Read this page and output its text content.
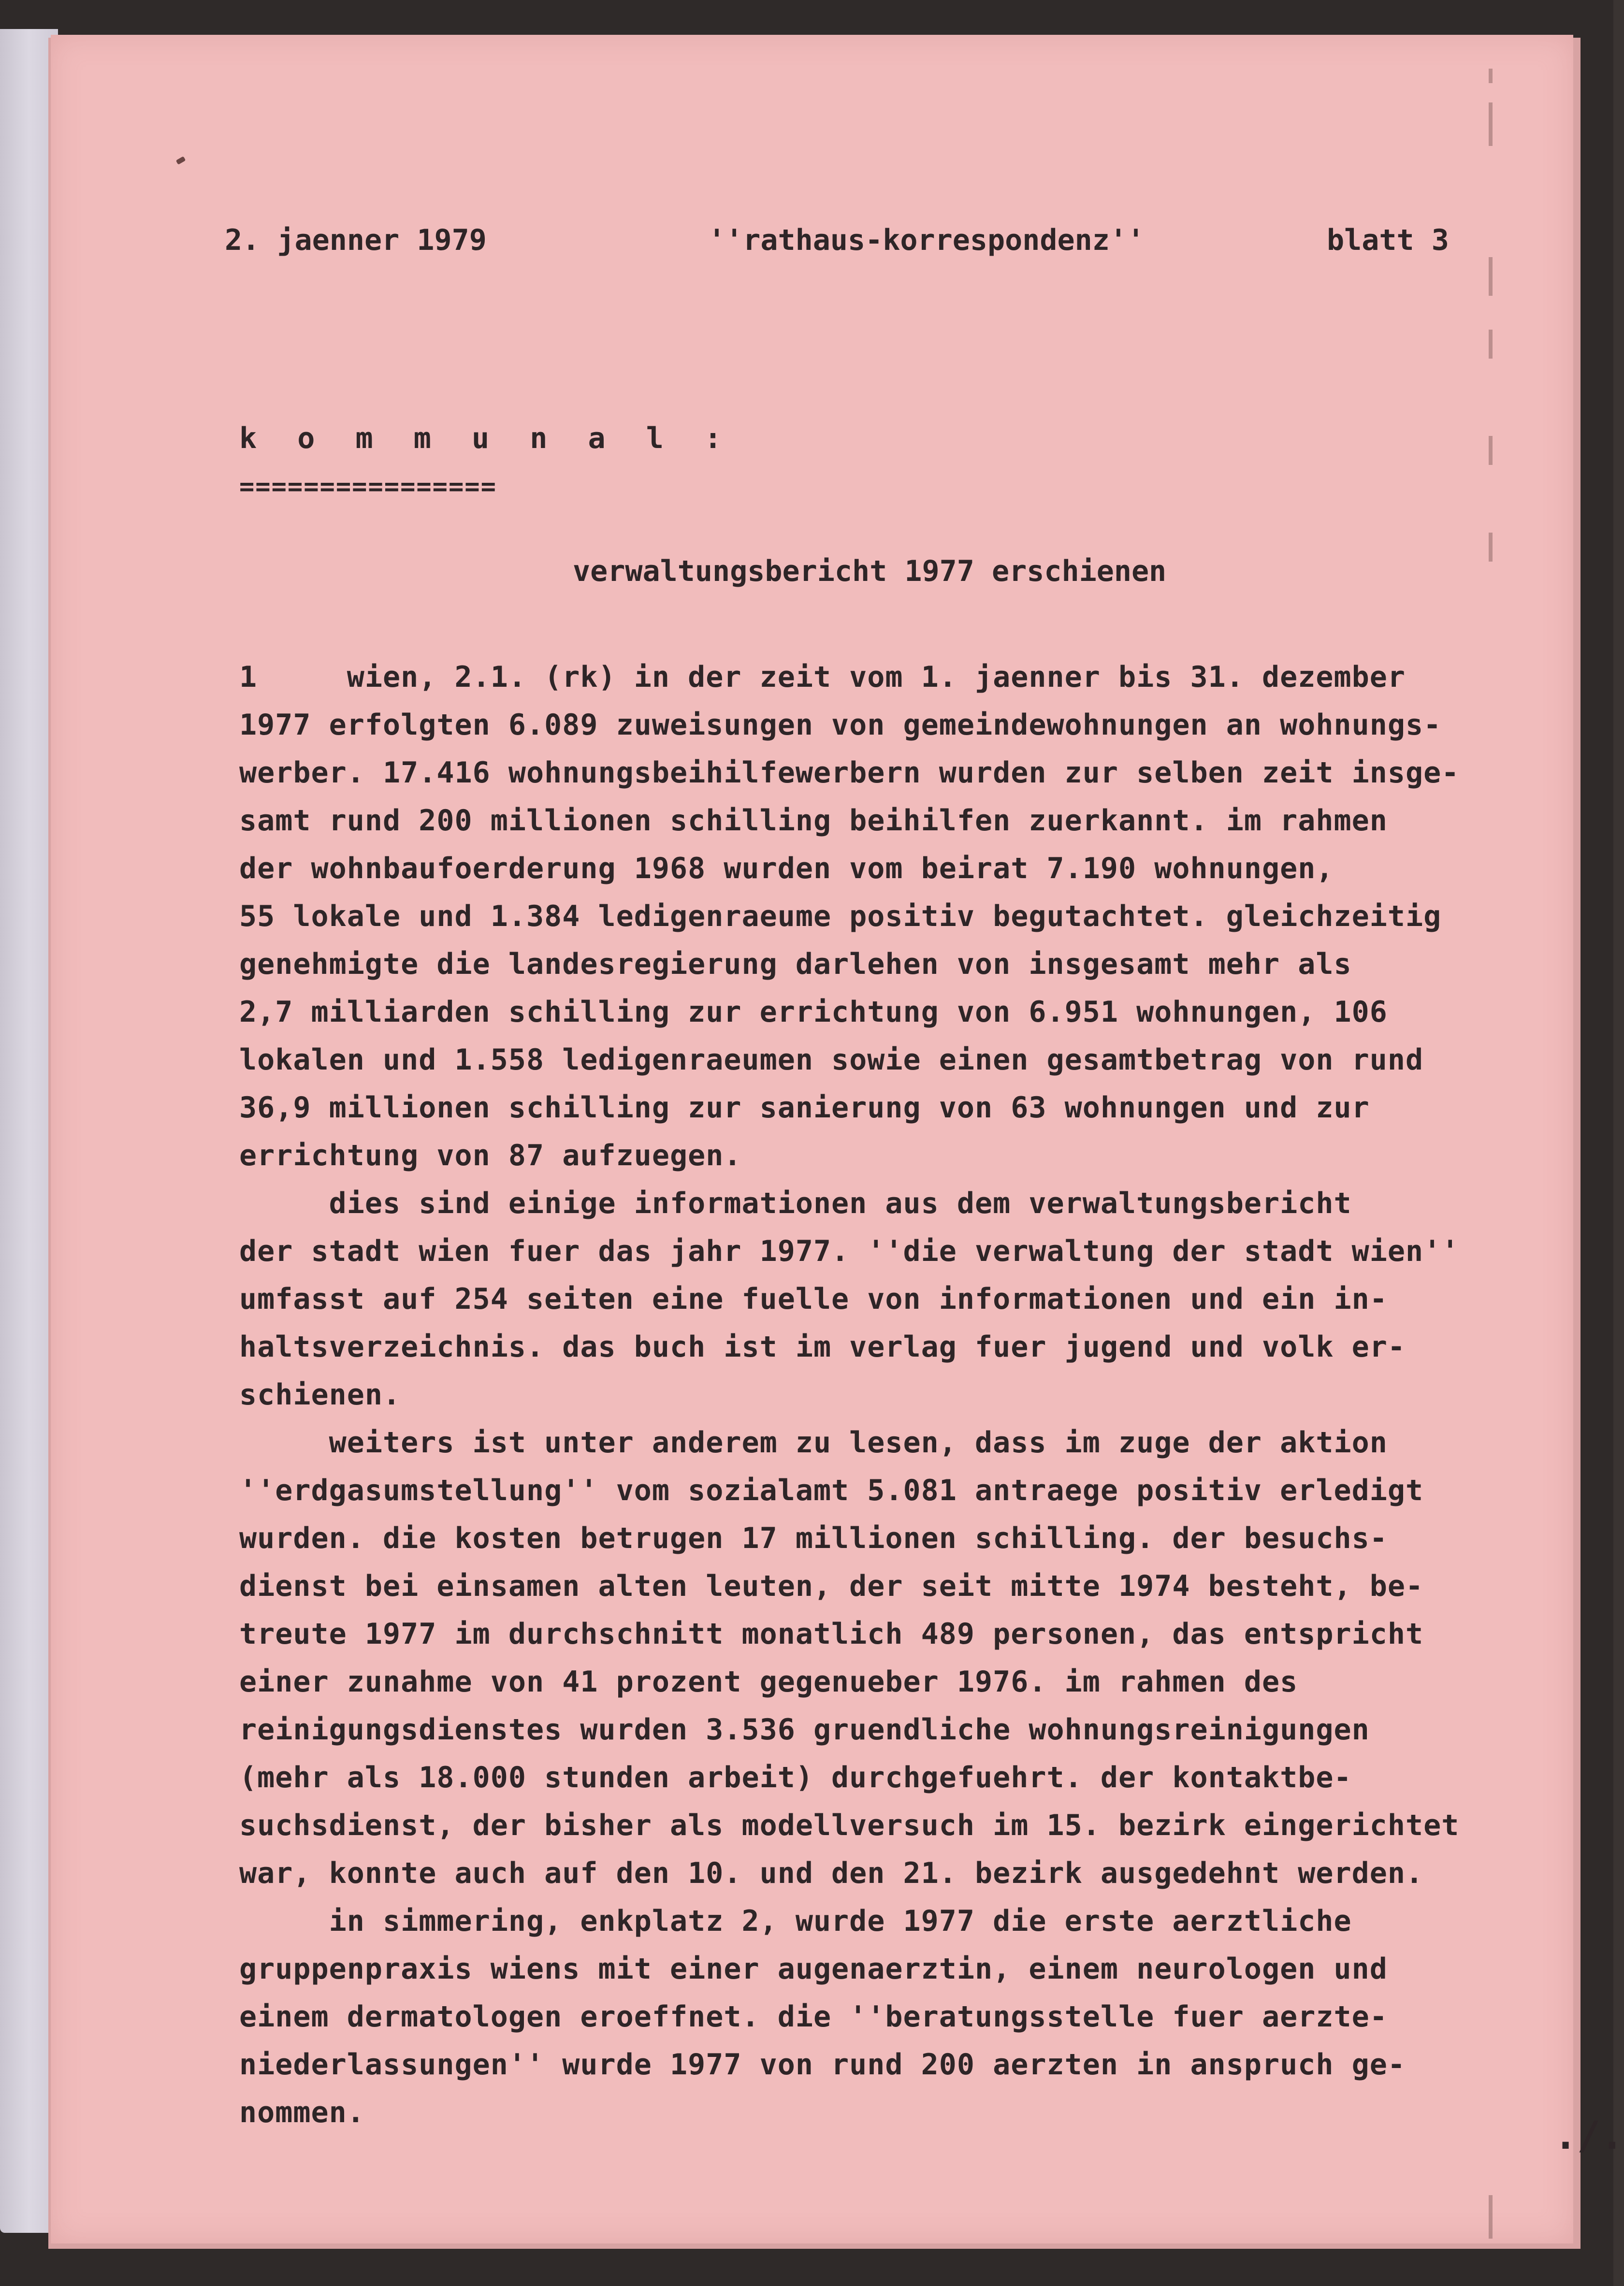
2. jaenner 1979	''rathaus-korrespondenz''	blatt 3
k o m m u n a l :
================
verwaltungsbericht 1977 erschienen
1     wien, 2.1. (rk) in der zeit vom 1. jaenner bis 31. dezember
1977 erfolgten 6.089 zuweisungen von gemeindewohnungen an wohnungs-
werber. 17.416 wohnungsbeihilfewerbern wurden zur selben zeit insge-
samt rund 200 millionen schilling beihilfen zuerkannt. im rahmen
der wohnbaufoerderung 1968 wurden vom beirat 7.190 wohnungen,
55 lokale und 1.384 ledigenraeume positiv begutachtet. gleichzeitig
genehmigte die landesregierung darlehen von insgesamt mehr als
2,7 milliarden schilling zur errichtung von 6.951 wohnungen, 106
lokalen und 1.558 ledigenraeumen sowie einen gesamtbetrag von rund
36,9 millionen schilling zur sanierung von 63 wohnungen und zur
errichtung von 87 aufzuegen.
dies sind einige informationen aus dem verwaltungsbericht
der stadt wien fuer das jahr 1977. ''die verwaltung der stadt wien''
umfasst auf 254 seiten eine fuelle von informationen und ein in-
haltsverzeichnis. das buch ist im verlag fuer jugend und volk er-
schienen.
weiters ist unter anderem zu lesen, dass im zuge der aktion
''erdgasumstellung'' vom sozialamt 5.081 antraege positiv erledigt
wurden. die kosten betrugen 17 millionen schilling. der besuchs-
dienst bei einsamen alten leuten, der seit mitte 1974 besteht, be-
treute 1977 im durchschnitt monatlich 489 personen, das entspricht
einer zunahme von 41 prozent gegenueber 1976. im rahmen des
reinigungsdienstes wurden 3.536 gruendliche wohnungsreinigungen
(mehr als 18.000 stunden arbeit) durchgefuehrt. der kontaktbe-
suchsdienst, der bisher als modellversuch im 15. bezirk eingerichtet
war, konnte auch auf den 10. und den 21. bezirk ausgedehnt werden.
in simmering, enkplatz 2, wurde 1977 die erste aerztliche
gruppenpraxis wiens mit einer augenaerztin, einem neurologen und
einem dermatologen eroeffnet. die ''beratungsstelle fuer aerzte-
niederlassungen'' wurde 1977 von rund 200 aerzten in anspruch ge-
nommen.
./.
